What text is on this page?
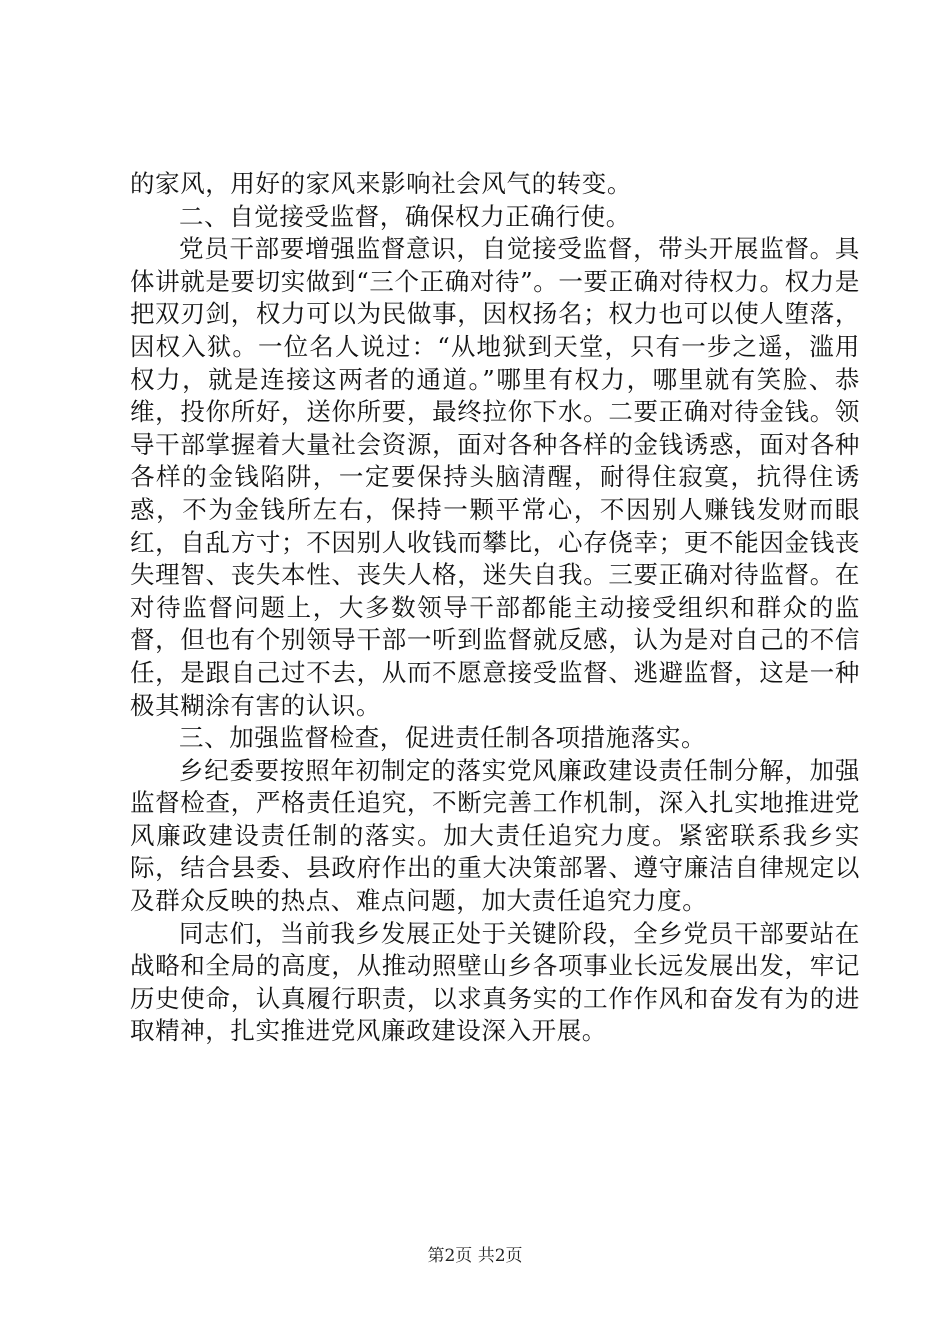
的家风，用好的家风来影响社会风气的转变。

二、自觉接受监督，确保权力正确行使。

党员干部要增强监督意识，自觉接受监督，带头开展监督。具体讲就是要切实做到“三个正确对待”。一要正确对待权力。权力是把双刃剑，权力可以为民做事，因权扬名；权力也可以使人堕落，因权入狱。一位名人说过：“从地狱到天堂，只有一步之遥，滥用权力，就是连接这两者的通道。”哪里有权力，哪里就有笑脸、恭维，投你所好，送你所要，最终拉你下水。二要正确对待金钱。领导干部掌握着大量社会资源，面对各种各样的金钱诱惑，面对各种各样的金钱陷阱，一定要保持头脑清醒，耐得住寂寞，抗得住诱惑，不为金钱所左右，保持一颗平常心，不因别人赚钱发财而眼红，自乱方寸；不因别人收钱而攀比，心存侥幸；更不能因金钱丧失理智、丧失本性、丧失人格，迷失自我。三要正确对待监督。在对待监督问题上，大多数领导干部都能主动接受组织和群众的监督，但也有个别领导干部一听到监督就反感，认为是对自己的不信任，是跟自己过不去，从而不愿意接受监督、逃避监督，这是一种极其糊涂有害的认识。

三、加强监督检查，促进责任制各项措施落实。

乡纪委要按照年初制定的落实党风廉政建设责任制分解，加强监督检查，严格责任追究，不断完善工作机制，深入扎实地推进党风廉政建设责任制的落实。加大责任追究力度。紧密联系我乡实际，结合县委、县政府作出的重大决策部署、遵守廉洁自律规定以及群众反映的热点、难点问题，加大责任追究力度。

同志们，当前我乡发展正处于关键阶段，全乡党员干部要站在战略和全局的高度，从推动照壁山乡各项事业长远发展出发，牢记历史使命，认真履行职责，以求真务实的工作作风和奋发有为的进取精神，扎实推进党风廉政建设深入开展。

第2页 共2页
